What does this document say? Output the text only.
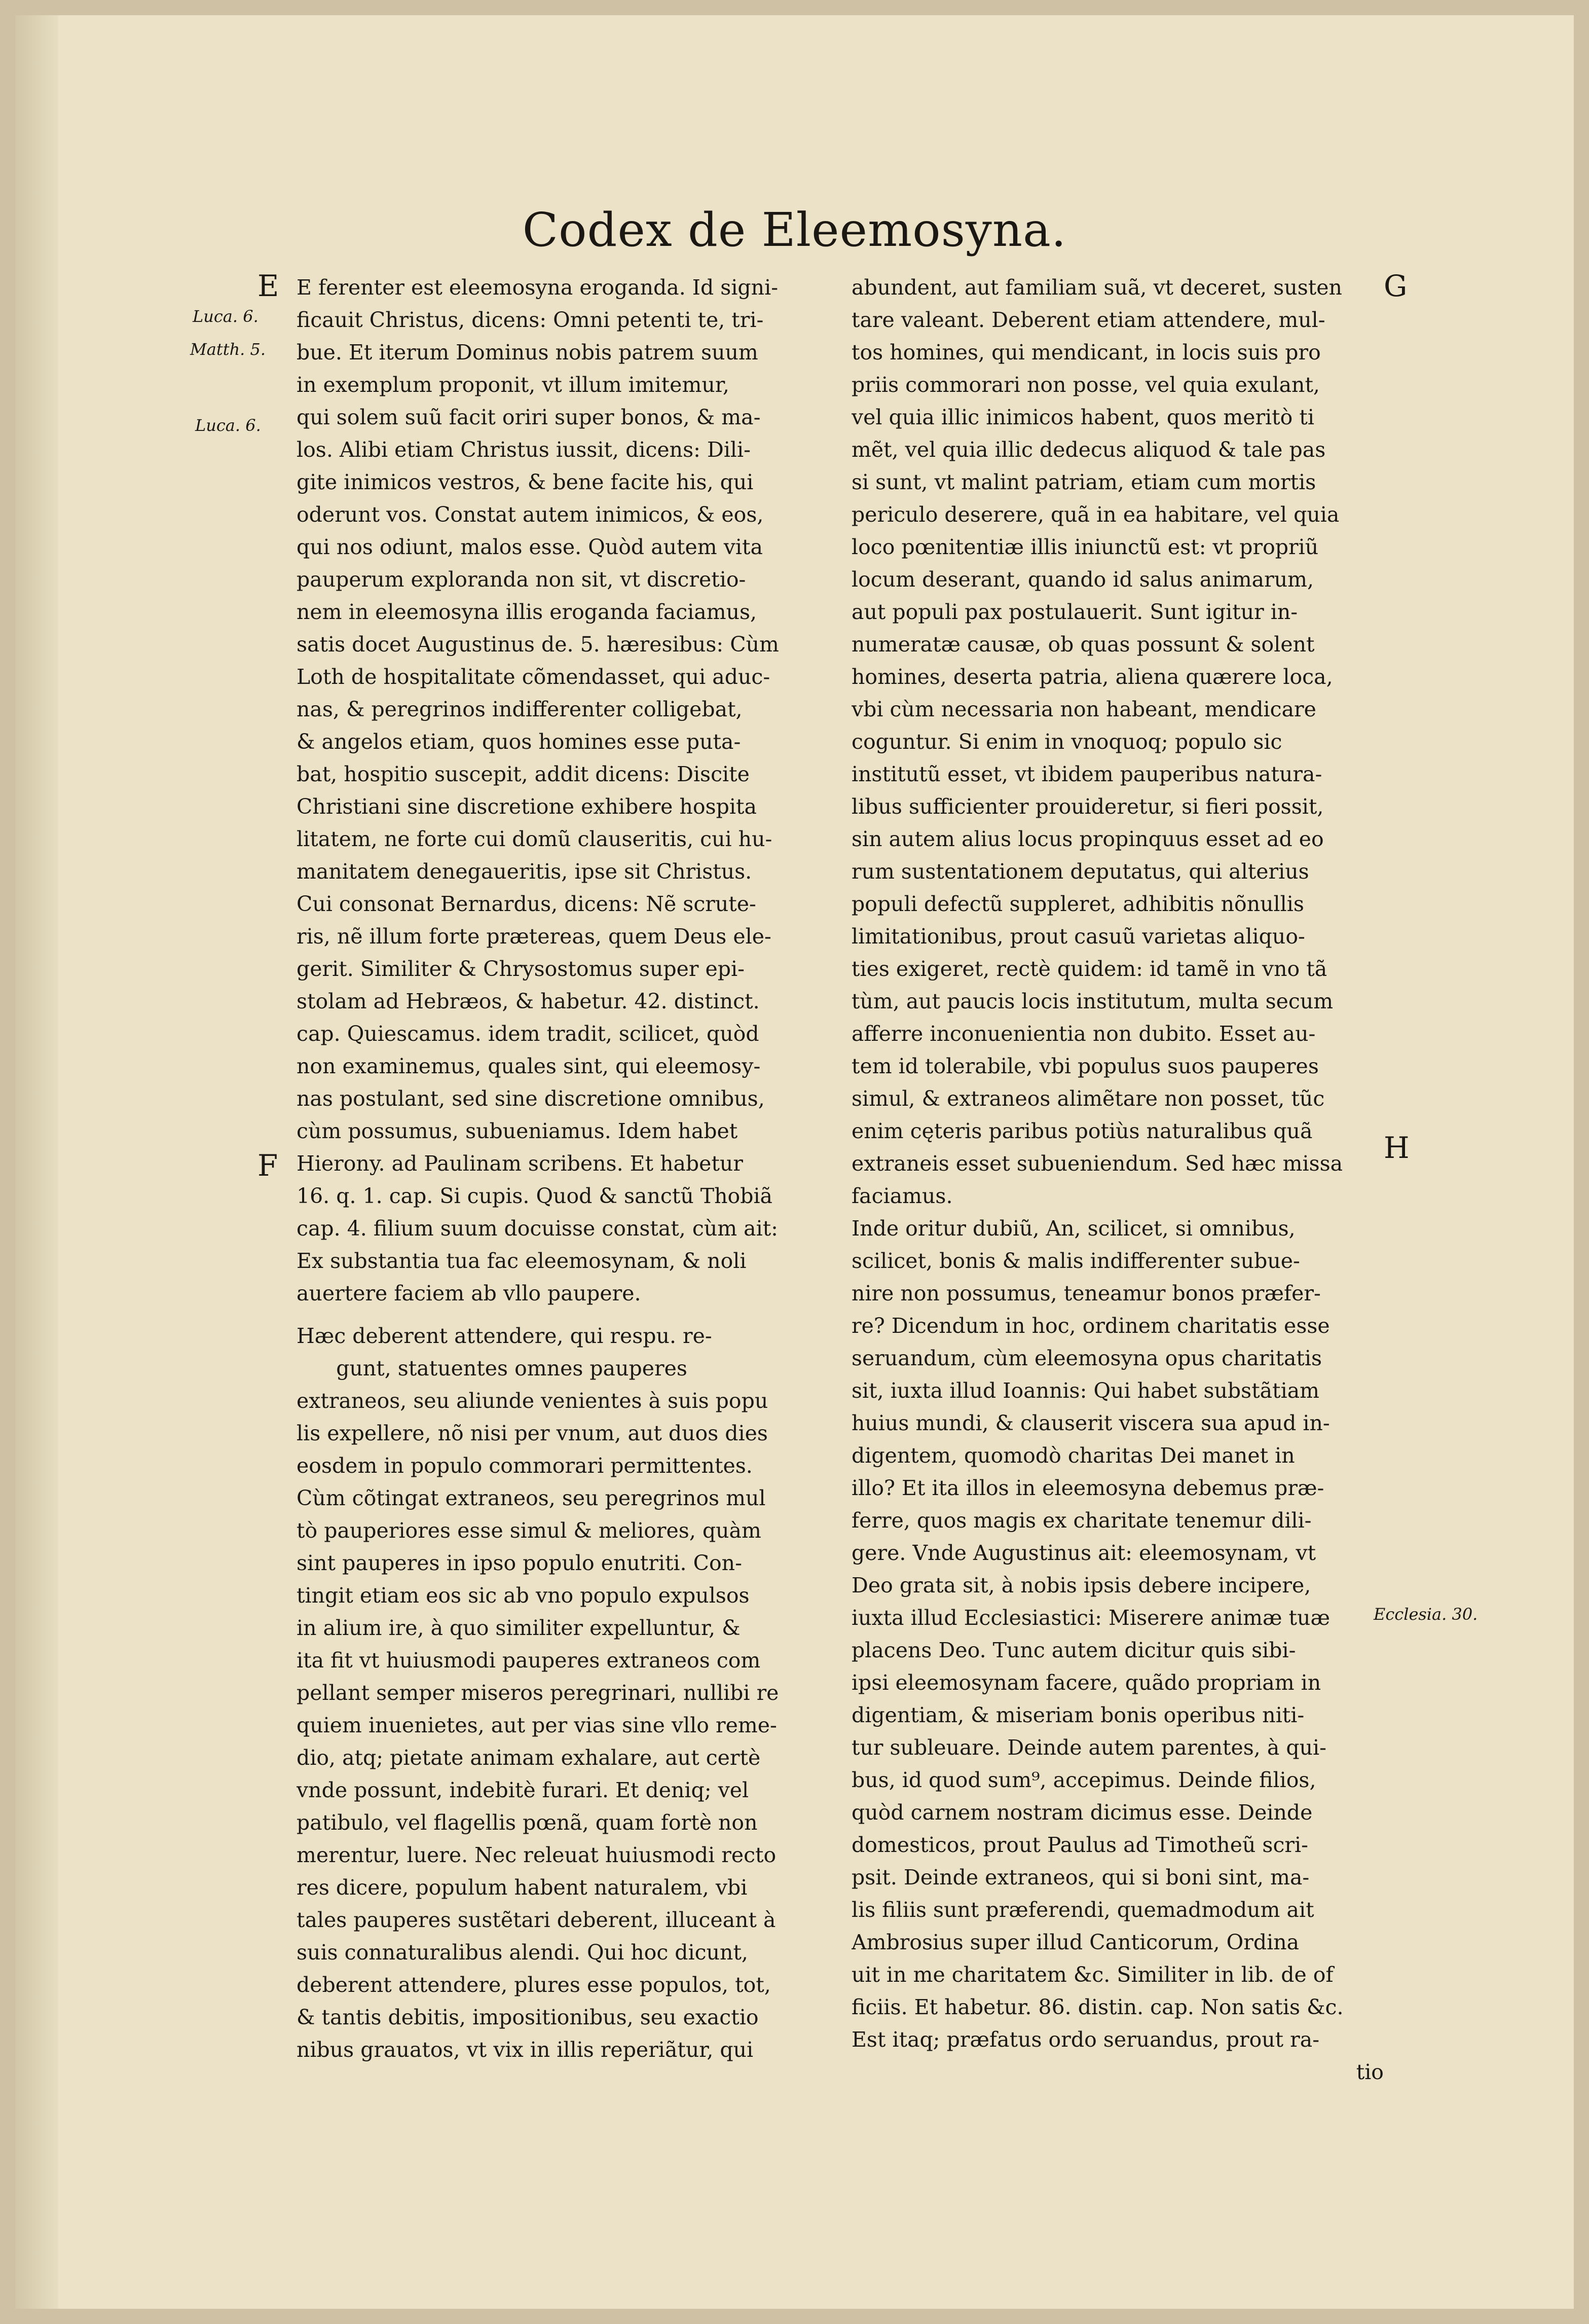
Codex de Eleemosyna.
E ferenter est eleemosyna eroganda. Id signi-
ficauit Christus, dicens: Omni petenti te, tri-
bue. Et iterum Dominus nobis patrem suum
in exemplum proponit, vt illum imitemur,
qui solem suũ facit oriri super bonos, & ma-
los. Alibi etiam Christus iussit, dicens: Dili-
gite inimicos vestros, & bene facite his, qui
oderunt vos. Constat autem inimicos, & eos,
qui nos odiunt, malos esse. Quòd autem vita
pauperum exploranda non sit, vt discretio-
nem in eleemosyna illis eroganda faciamus,
satis docet Augustinus de. 5. hæresibus: Cùm
Loth de hospitalitate cõmendasset, qui aduc-
nas, & peregrinos indifferenter colligebat,
& angelos etiam, quos homines esse puta-
bat, hospitio suscepit, addit dicens: Discite
Christiani sine discretione exhibere hospita
litatem, ne forte cui domũ clauseritis, cui hu-
manitatem denegaueritis, ipse sit Christus.
Cui consonat Bernardus, dicens: Nẽ scrute-
ris, nẽ illum forte prætereas, quem Deus ele-
gerit. Similiter & Chrysostomus super epi-
stolam ad Hebræos, & habetur. 42. distinct.
cap. Quiescamus. idem tradit, scilicet, quòd
non examinemus, quales sint, qui eleemosy-
nas postulant, sed sine discretione omnibus,
cùm possumus, subueniamus. Idem habet
Hierony. ad Paulinam scribens. Et habetur
16. q. 1. cap. Si cupis. Quod & sanctũ Thobiã
cap. 4. filium suum docuisse constat, cùm ait:
Ex substantia tua fac eleemosynam, & noli
auertere faciem ab vllo paupere.
Hæc deberent attendere, qui respu. re-
gunt, statuentes omnes pauperes
extraneos, seu aliunde venientes à suis popu
lis expellere, nõ nisi per vnum, aut duos dies
eosdem in populo commorari permittentes.
Cùm cõtingat extraneos, seu peregrinos mul
tò pauperiores esse simul & meliores, quàm
sint pauperes in ipso populo enutriti. Con-
tingit etiam eos sic ab vno populo expulsos
in alium ire, à quo similiter expelluntur, &
ita fit vt huiusmodi pauperes extraneos com
pellant semper miseros peregrinari, nullibi re
quiem inuenietes, aut per vias sine vllo reme-
dio, atq; pietate animam exhalare, aut certè
vnde possunt, indebitè furari. Et deniq; vel
patibulo, vel flagellis pœnã, quam fortè non
merentur, luere. Nec releuat huiusmodi recto
res dicere, populum habent naturalem, vbi
tales pauperes sustẽtari deberent, illuceant à
suis connaturalibus alendi. Qui hoc dicunt,
deberent attendere, plures esse populos, tot,
& tantis debitis, impositionibus, seu exactio
nibus grauatos, vt vix in illis reperiãtur, qui
abundent, aut familiam suã, vt deceret, susten
tare valeant. Deberent etiam attendere, mul-
tos homines, qui mendicant, in locis suis pro
priis commorari non posse, vel quia exulant,
vel quia illic inimicos habent, quos meritò ti
mẽt, vel quia illic dedecus aliquod & tale pas
si sunt, vt malint patriam, etiam cum mortis
periculo deserere, quã in ea habitare, vel quia
loco pœnitentiæ illis iniunctũ est: vt propriũ
locum deserant, quando id salus animarum,
aut populi pax postulauerit. Sunt igitur in-
numeratæ causæ, ob quas possunt & solent
homines, deserta patria, aliena quærere loca,
vbi cùm necessaria non habeant, mendicare
coguntur. Si enim in vnoquoq; populo sic
institutũ esset, vt ibidem pauperibus natura-
libus sufficienter prouideretur, si fieri possit,
sin autem alius locus propinquus esset ad eo
rum sustentationem deputatus, qui alterius
populi defectũ suppleret, adhibitis nõnullis
limitationibus, prout casuũ varietas aliquo-
ties exigeret, rectè quidem: id tamẽ in vno tã
tùm, aut paucis locis institutum, multa secum
afferre inconuenientia non dubito. Esset au-
tem id tolerabile, vbi populus suos pauperes
simul, & extraneos alimẽtare non posset, tũc
enim cęteris paribus potiùs naturalibus quã
extraneis esset subueniendum. Sed hæc missa
faciamus.
Inde oritur dubiũ, An, scilicet, si omnibus,
scilicet, bonis & malis indifferenter subue-
nire non possumus, teneamur bonos præfer-
re? Dicendum in hoc, ordinem charitatis esse
seruandum, cùm eleemosyna opus charitatis
sit, iuxta illud Ioannis: Qui habet substãtiam
huius mundi, & clauserit viscera sua apud in-
digentem, quomodò charitas Dei manet in
illo? Et ita illos in eleemosyna debemus præ-
ferre, quos magis ex charitate tenemur dili-
gere. Vnde Augustinus ait: eleemosynam, vt
Deo grata sit, à nobis ipsis debere incipere,
iuxta illud Ecclesiastici: Miserere animæ tuæ
placens Deo. Tunc autem dicitur quis sibi-
ipsi eleemosynam facere, quãdo propriam in
digentiam, & miseriam bonis operibus niti-
tur subleuare. Deinde autem parentes, à qui-
bus, id quod sum⁹, accepimus. Deinde filios,
quòd carnem nostram dicimus esse. Deinde
domesticos, prout Paulus ad Timotheũ scri-
psit. Deinde extraneos, qui si boni sint, ma-
lis filiis sunt præferendi, quemadmodum ait
Ambrosius super illud Canticorum, Ordina
uit in me charitatem &c. Similiter in lib. de of
ficiis. Et habetur. 86. distin. cap. Non satis &c.
Est itaq; præfatus ordo seruandus, prout ra-
tio
Luca. 6.
Matth. 5.
Luca. 6.
Ecclesia. 30.
E
F
G
H
